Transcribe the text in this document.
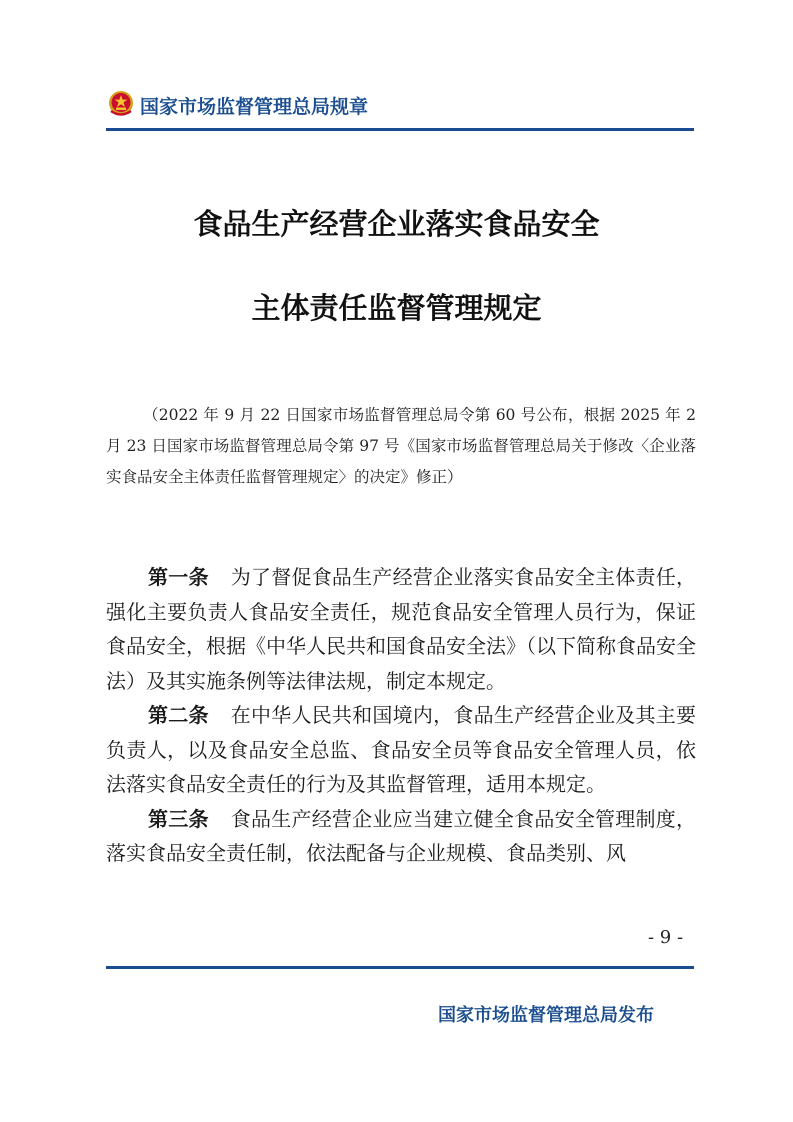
国家市场监督管理总局规章
食品生产经营企业落实食品安全
主体责任监督管理规定
（2022 年 9 月 22 日国家市场监督管理总局令第 60 号公布，根据 2025 年 2 月 23 日国家市场监督管理总局令第 97 号《国家市场监督管理总局关于修改〈企业落实食品安全主体责任监督管理规定〉的决定》修正）

第一条 为了督促食品生产经营企业落实食品安全主体责任，强化主要负责人食品安全责任，规范食品安全管理人员行为，保证食品安全，根据《中华人民共和国食品安全法》（以下简称食品安全法）及其实施条例等法律法规，制定本规定。

第二条 在中华人民共和国境内，食品生产经营企业及其主要负责人，以及食品安全总监、食品安全员等食品安全管理人员，依法落实食品安全责任的行为及其监督管理，适用本规定。

第三条 食品生产经营企业应当建立健全食品安全管理制度，落实食品安全责任制，依法配备与企业规模、食品类别、风

- 9 -
国家市场监督管理总局发布
